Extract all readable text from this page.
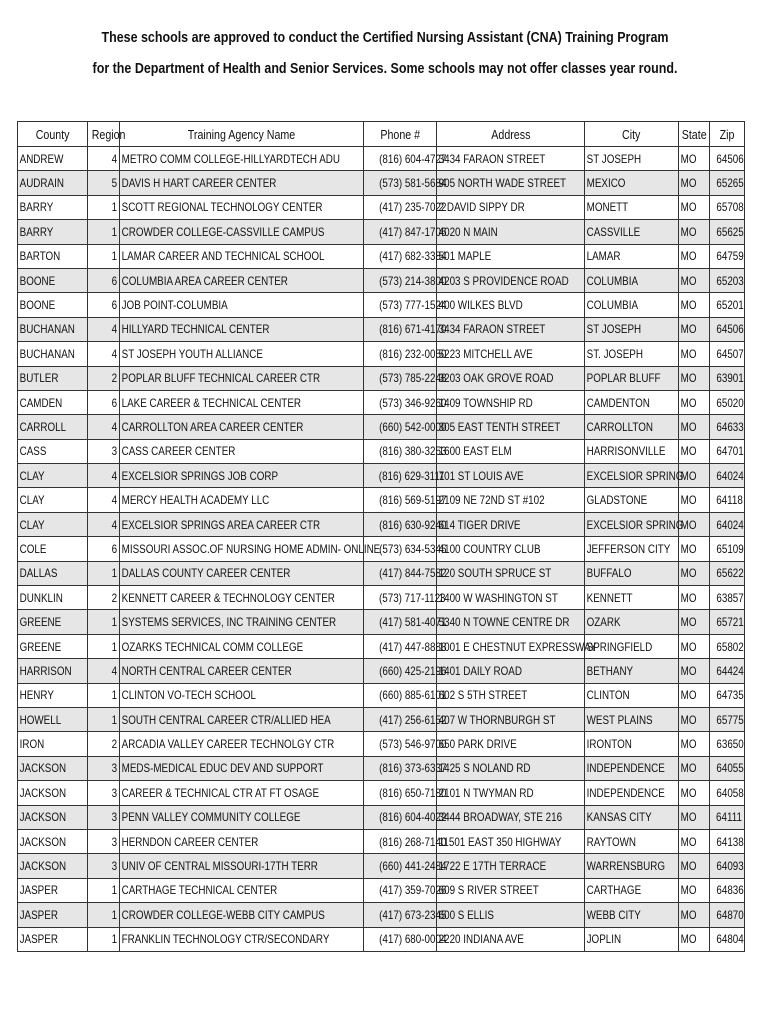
These schools are approved to conduct the Certified Nursing Assistant (CNA) Training Program
for the Department of Health and Senior Services. Some schools may not offer classes year round.
County	Region	Training Agency Name	Phone #	Address	City	State	Zip
ANDREW	4	METRO COMM COLLEGE-HILLYARDTECH ADU	(816) 604-4727	3434 FARAON STREET	ST JOSEPH	MO	64506
AUDRAIN	5	DAVIS H HART CAREER CENTER	(573) 581-5684	905 NORTH WADE STREET	MEXICO	MO	65265
BARRY	1	SCOTT REGIONAL TECHNOLOGY CENTER	(417) 235-7022	2 DAVID SIPPY DR	MONETT	MO	65708
BARRY	1	CROWDER COLLEGE-CASSVILLE CAMPUS	(417) 847-1706	4020 N MAIN	CASSVILLE	MO	65625
BARTON	1	LAMAR CAREER AND TECHNICAL SCHOOL	(417) 682-3384	501 MAPLE	LAMAR	MO	64759
BOONE	6	COLUMBIA AREA CAREER CENTER	(573) 214-3800	4203 S PROVIDENCE ROAD	COLUMBIA	MO	65203
BOONE	6	JOB POINT-COLUMBIA	(573) 777-1524	400 WILKES BLVD	COLUMBIA	MO	65201
BUCHANAN	4	HILLYARD TECHNICAL CENTER	(816) 671-4170	3434 FARAON STREET	ST JOSEPH	MO	64506
BUCHANAN	4	ST JOSEPH YOUTH ALLIANCE	(816) 232-0050	5223 MITCHELL AVE	ST. JOSEPH	MO	64507
BUTLER	2	POPLAR BLUFF TECHNICAL CAREER CTR	(573) 785-2248	3203 OAK GROVE ROAD	POPLAR BLUFF	MO	63901
CAMDEN	6	LAKE CAREER & TECHNICAL CENTER	(573) 346-9260	1409 TOWNSHIP RD	CAMDENTON	MO	65020
CARROLL	4	CARROLLTON AREA CAREER CENTER	(660) 542-0000	305 EAST TENTH STREET	CARROLLTON	MO	64633
CASS	3	CASS CAREER CENTER	(816) 380-3253	1600 EAST ELM	HARRISONVILLE	MO	64701
CLAY	4	EXCELSIOR SPRINGS JOB CORP	(816) 629-3111	701 ST LOUIS AVE	EXCELSIOR SPRING	MO	64024
CLAY	4	MERCY HEALTH ACADEMY LLC	(816) 569-5197	2109 NE 72ND ST #102	GLADSTONE	MO	64118
CLAY	4	EXCELSIOR SPRINGS AREA CAREER CTR	(816) 630-9240	614 TIGER DRIVE	EXCELSIOR SPRING	MO	64024
COLE	6	MISSOURI ASSOC.OF NURSING HOME ADMIN- ONLINE	(573) 634-5345	4100 COUNTRY CLUB	JEFFERSON CITY	MO	65109
DALLAS	1	DALLAS COUNTY CAREER CENTER	(417) 844-7582	120 SOUTH SPRUCE ST	BUFFALO	MO	65622
DUNKLIN	2	KENNETT CAREER & TECHNOLOGY CENTER	(573) 717-1123	1400 W WASHINGTON ST	KENNETT	MO	63857
GREENE	1	SYSTEMS SERVICES, INC TRAINING CENTER	(417) 581-4071	5340 N TOWNE CENTRE DR	OZARK	MO	65721
GREENE	1	OZARKS TECHNICAL COMM COLLEGE	(417) 447-8888	1001 E CHESTNUT EXPRESSWAY	SPRINGFIELD	MO	65802
HARRISON	4	NORTH CENTRAL CAREER CENTER	(660) 425-2196	1401 DAILY ROAD	BETHANY	MO	64424
HENRY	1	CLINTON VO-TECH SCHOOL	(660) 885-6101	602 S 5TH STREET	CLINTON	MO	64735
HOWELL	1	SOUTH CENTRAL CAREER CTR/ALLIED HEA	(417) 256-6152	407 W THORNBURGH ST	WEST PLAINS	MO	65775
IRON	2	ARCADIA VALLEY CAREER TECHNOLGY CTR	(573) 546-9700	650 PARK DRIVE	IRONTON	MO	63650
JACKSON	3	MEDS-MEDICAL EDUC DEV AND SUPPORT	(816) 373-6337	1425 S NOLAND RD	INDEPENDENCE	MO	64055
JACKSON	3	CAREER & TECHNICAL CTR AT FT OSAGE	(816) 650-7180	2101 N TWYMAN RD	INDEPENDENCE	MO	64058
JACKSON	3	PENN VALLEY COMMUNITY COLLEGE	(816) 604-4022	3444 BROADWAY, STE 216	KANSAS CITY	MO	64111
JACKSON	3	HERNDON CAREER CENTER	(816) 268-7140	11501 EAST 350 HIGHWAY	RAYTOWN	MO	64138
JACKSON	3	UNIV OF CENTRAL MISSOURI-17TH TERR	(660) 441-2484	1722 E 17TH TERRACE	WARRENSBURG	MO	64093
JASPER	1	CARTHAGE TECHNICAL CENTER	(417) 359-7026	609 S RIVER STREET	CARTHAGE	MO	64836
JASPER	1	CROWDER COLLEGE-WEBB CITY CAMPUS	(417) 673-2345	600 S ELLIS	WEBB CITY	MO	64870
JASPER	1	FRANKLIN TECHNOLOGY CTR/SECONDARY	(417) 680-0004	2220 INDIANA AVE	JOPLIN	MO	64804
